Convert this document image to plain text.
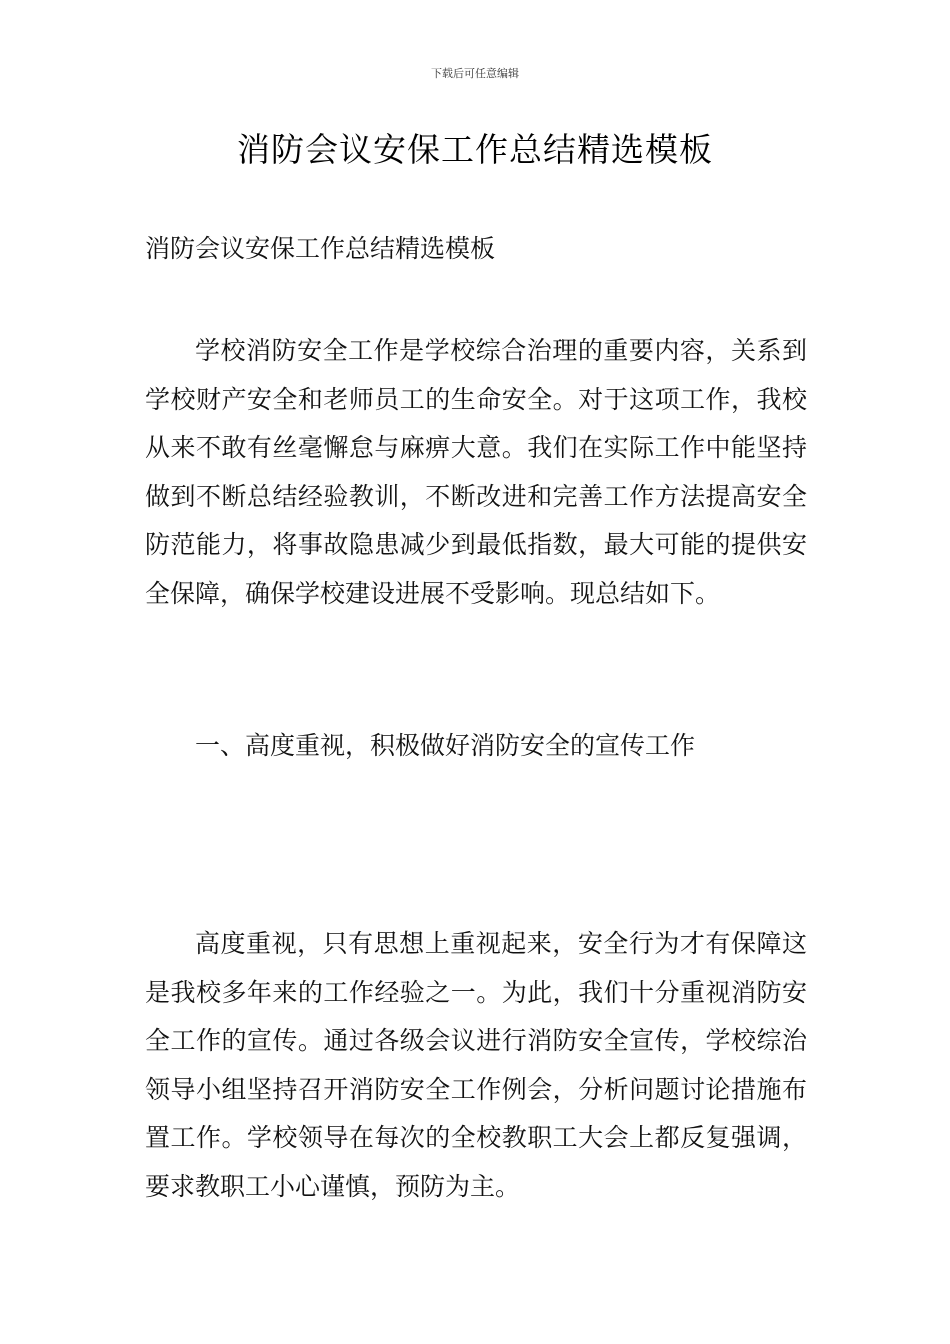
下载后可任意编辑
消防会议安保工作总结精选模板

消防会议安保工作总结精选模板

学校消防安全工作是学校综合治理的重要内容，关系到学校财产安全和老师员工的生命安全。对于这项工作，我校从来不敢有丝毫懈怠与麻痹大意。我们在实际工作中能坚持做到不断总结经验教训，不断改进和完善工作方法提高安全防范能力，将事故隐患减少到最低指数，最大可能的提供安全保障，确保学校建设进展不受影响。现总结如下。

一、高度重视，积极做好消防安全的宣传工作

高度重视，只有思想上重视起来，安全行为才有保障这是我校多年来的工作经验之一。为此，我们十分重视消防安全工作的宣传。通过各级会议进行消防安全宣传，学校综治领导小组坚持召开消防安全工作例会，分析问题讨论措施布置工作。学校领导在每次的全校教职工大会上都反复强调，要求教职工小心谨慎，预防为主。
